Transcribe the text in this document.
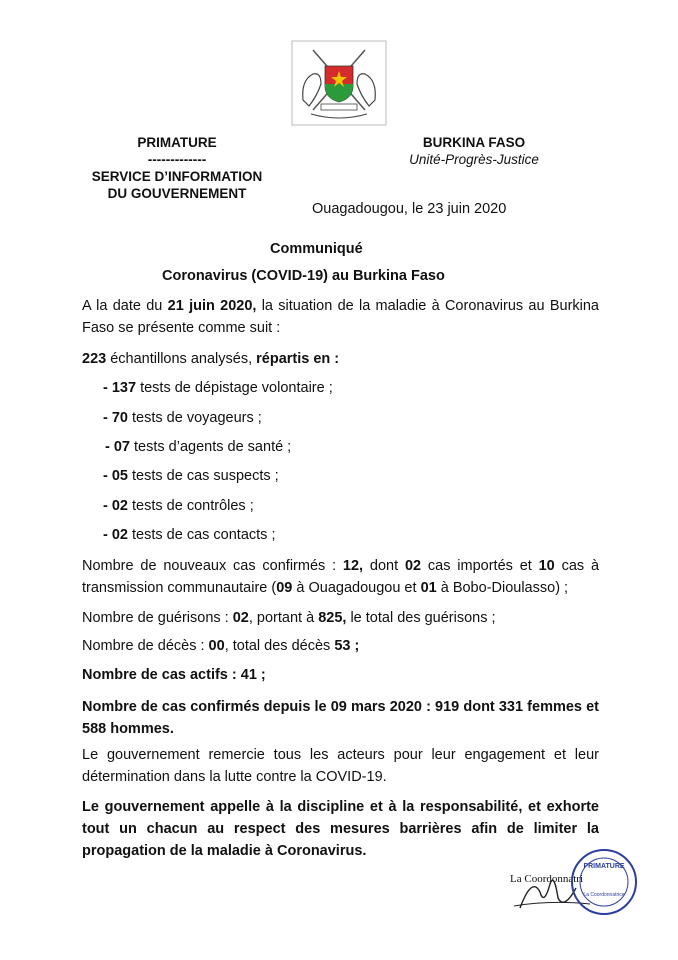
PRIMATURE
-------------
SERVICE D’INFORMATION
DU GOUVERNEMENT
BURKINA FASO
Unité-Progrès-Justice
Ouagadougou, le 23 juin 2020
Communiqué
Coronavirus (COVID-19) au Burkina Faso
A la date du 21 juin 2020, la situation de la maladie à Coronavirus au Burkina Faso se présente comme suit :
223 échantillons analysés, répartis en :
- 137 tests de dépistage volontaire ;
- 70 tests de voyageurs ;
- 07 tests d’agents de santé ;
- 05 tests de cas suspects ;
- 02 tests de contrôles ;
- 02 tests de cas contacts ;
Nombre de nouveaux cas confirmés : 12, dont 02 cas importés et 10 cas à transmission communautaire (09 à Ouagadougou et 01 à Bobo-Dioulasso) ;
Nombre de guérisons : 02, portant à 825, le total des guérisons ;
Nombre de décès : 00, total des décès 53 ;
Nombre de cas actifs : 41 ;
Nombre de cas confirmés depuis le 09 mars 2020 : 919 dont 331 femmes et 588 hommes.
Le gouvernement remercie tous les acteurs pour leur engagement et leur détermination dans la lutte contre la COVID-19.
Le gouvernement appelle à la discipline et à la responsabilité, et exhorte tout un chacun au respect des mesures barrières afin de limiter la propagation de la maladie à Coronavirus.
La Coordonnatri
PRIMATURE
La Coordonnatrice
